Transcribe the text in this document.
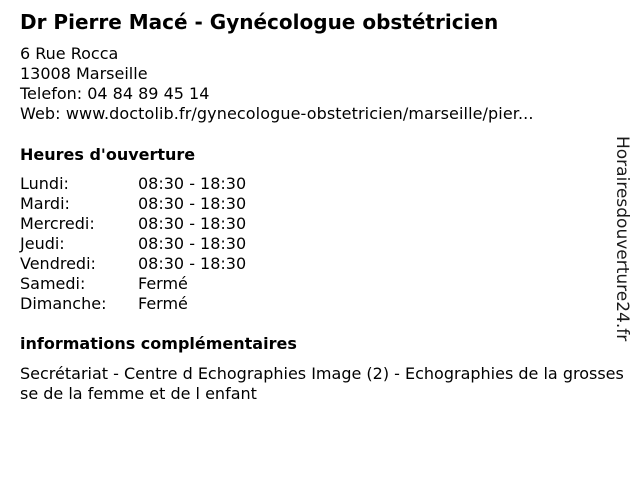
Dr Pierre Macé - Gynécologue obstétricien
6 Rue Rocca
13008 Marseille
Telefon: 04 84 89 45 14
Web: www.doctolib.fr/gynecologue-obstetricien/marseille/pier...
Heures d'ouverture
Lundi:	08:30 - 18:30
Mardi:	08:30 - 18:30
Mercredi:	08:30 - 18:30
Jeudi:	08:30 - 18:30
Vendredi:	08:30 - 18:30
Samedi:	Fermé
Dimanche: Fermé
informations complémentaires
Secrétariat - Centre d Echographies Image (2) - Echographies de la grossesse de la femme et de l enfant
Horairesdouverture24.fr
